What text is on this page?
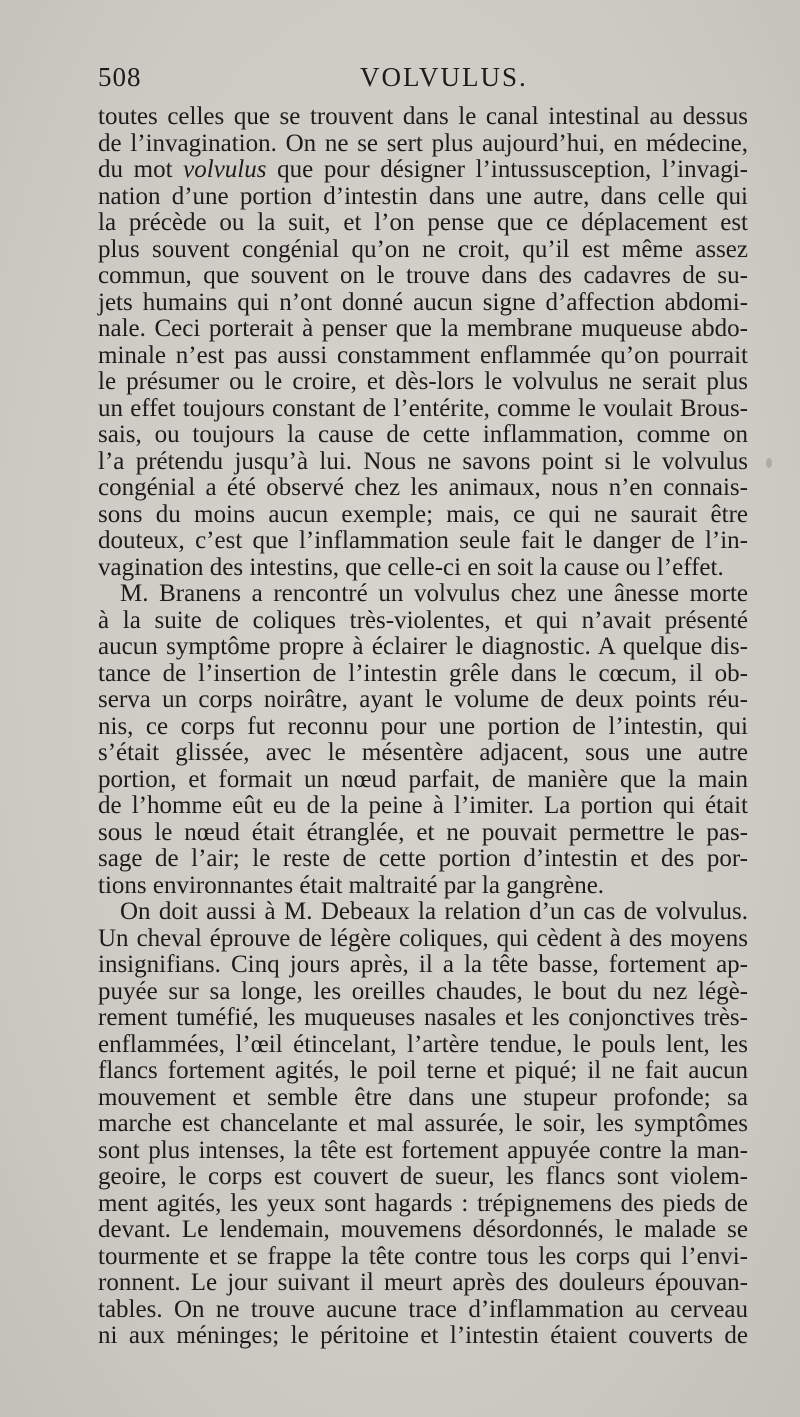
508	VOLVULUS.
toutes celles que se trouvent dans le canal intestinal au dessus
de l’invagination. On ne se sert plus aujourd’hui, en médecine,
du mot volvulus que pour désigner l’intussusception, l’invagi-
nation d’une portion d’intestin dans une autre, dans celle qui
la précède ou la suit, et l’on pense que ce déplacement est
plus souvent congénial qu’on ne croit, qu’il est même assez
commun, que souvent on le trouve dans des cadavres de su-
jets humains qui n’ont donné aucun signe d’affection abdomi-
nale. Ceci porterait à penser que la membrane muqueuse abdo-
minale n’est pas aussi constamment enflammée qu’on pourrait
le présumer ou le croire, et dès-lors le volvulus ne serait plus
un effet toujours constant de l’entérite, comme le voulait Brous-
sais, ou toujours la cause de cette inflammation, comme on
l’a prétendu jusqu’à lui. Nous ne savons point si le volvulus
congénial a été observé chez les animaux, nous n’en connais-
sons du moins aucun exemple; mais, ce qui ne saurait être
douteux, c’est que l’inflammation seule fait le danger de l’in-
vagination des intestins, que celle-ci en soit la cause ou l’effet.
M. Branens a rencontré un volvulus chez une ânesse morte
à la suite de coliques très-violentes, et qui n’avait présenté
aucun symptôme propre à éclairer le diagnostic. A quelque dis-
tance de l’insertion de l’intestin grêle dans le cœcum, il ob-
serva un corps noirâtre, ayant le volume de deux points réu-
nis, ce corps fut reconnu pour une portion de l’intestin, qui
s’était glissée, avec le mésentère adjacent, sous une autre
portion, et formait un nœud parfait, de manière que la main
de l’homme eût eu de la peine à l’imiter. La portion qui était
sous le nœud était étranglée, et ne pouvait permettre le pas-
sage de l’air; le reste de cette portion d’intestin et des por-
tions environnantes était maltraité par la gangrène.
On doit aussi à M. Debeaux la relation d’un cas de volvulus.
Un cheval éprouve de légère coliques, qui cèdent à des moyens
insignifians. Cinq jours après, il a la tête basse, fortement ap-
puyée sur sa longe, les oreilles chaudes, le bout du nez légè-
rement tuméfié, les muqueuses nasales et les conjonctives très-
enflammées, l’œil étincelant, l’artère tendue, le pouls lent, les
flancs fortement agités, le poil terne et piqué; il ne fait aucun
mouvement et semble être dans une stupeur profonde; sa
marche est chancelante et mal assurée, le soir, les symptômes
sont plus intenses, la tête est fortement appuyée contre la man-
geoire, le corps est couvert de sueur, les flancs sont violem-
ment agités, les yeux sont hagards : trépignemens des pieds de
devant. Le lendemain, mouvemens désordonnés, le malade se
tourmente et se frappe la tête contre tous les corps qui l’envi-
ronnent. Le jour suivant il meurt après des douleurs épouvan-
tables. On ne trouve aucune trace d’inflammation au cerveau
ni aux méninges; le péritoine et l’intestin étaient couverts de
